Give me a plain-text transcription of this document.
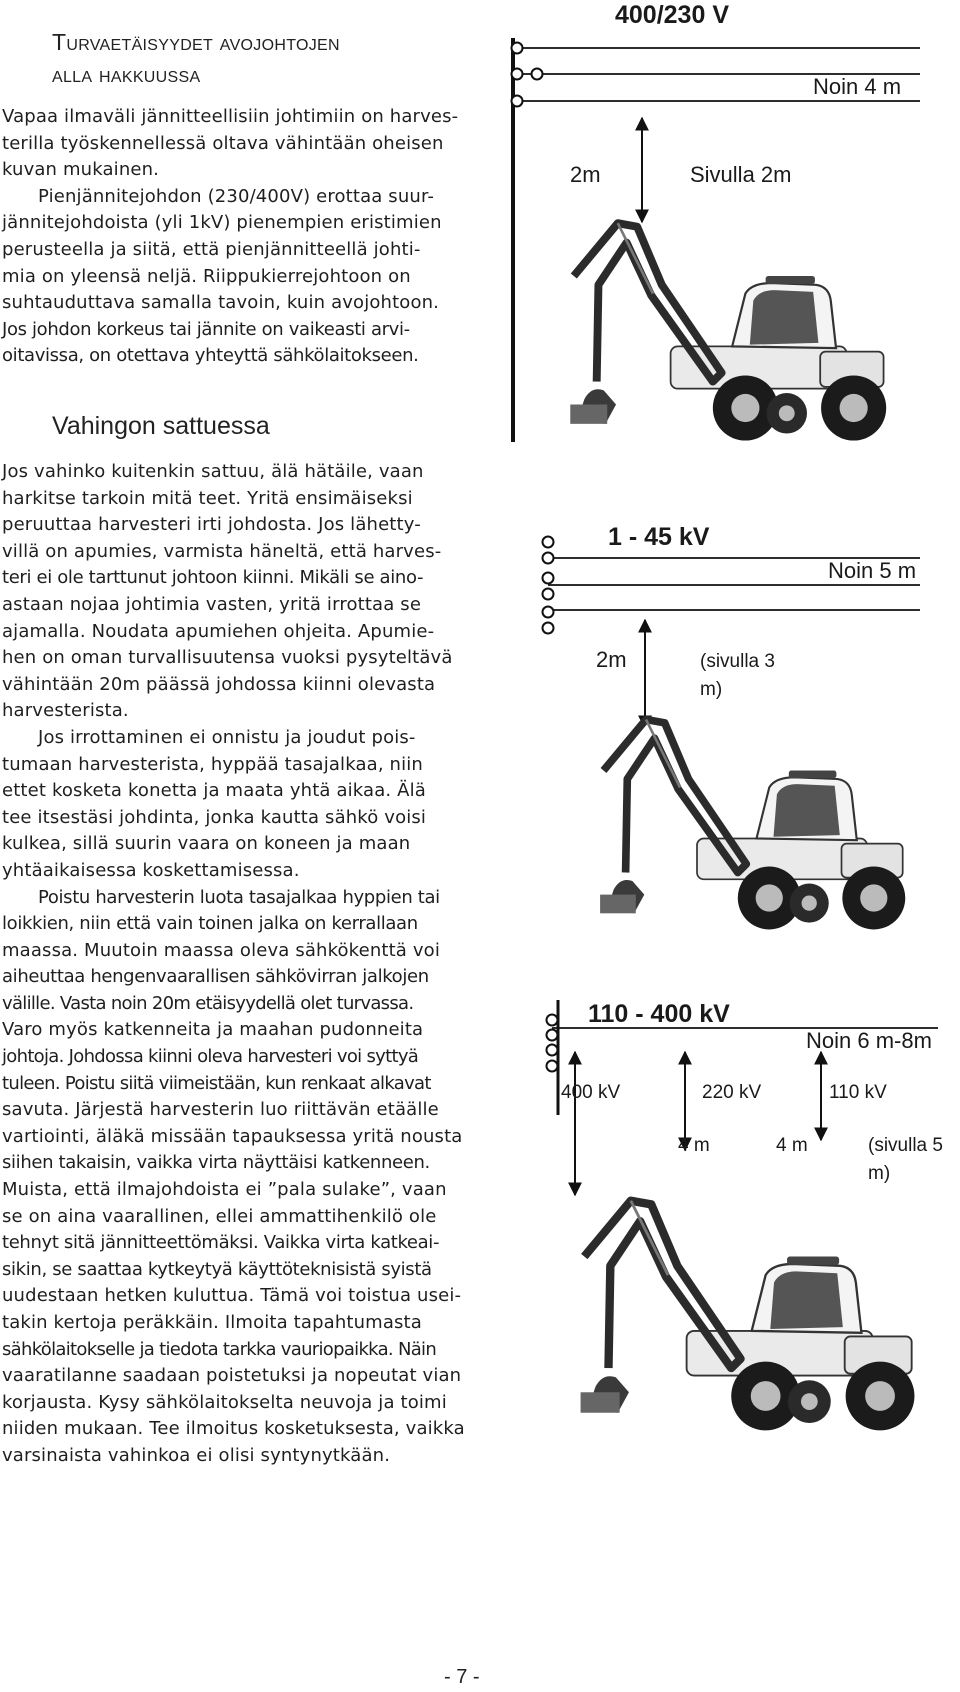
Turvaetäisyydet avojohtojen
alla hakkuussa

Vapaa ilmaväli jännitteellisiin johtimiin on harves-

terilla työskennellessä oltava vähintään oheisen

kuvan mukainen.

Pienjännitejohdon (230/400V) erottaa suur-

jännitejohdoista (yli 1kV) pienempien eristimien

perusteella ja siitä, että pienjännitteellä johti-

mia on yleensä neljä. Riippukierrejohtoon on

suhtauduttava samalla tavoin, kuin avojohtoon.

Jos johdon korkeus tai jännite on vaikeasti arvi-

oitavissa, on otettava yhteyttä sähkölaitokseen.

Vahingon sattuessa

Jos vahinko kuitenkin sattuu, älä hätäile, vaan

harkitse tarkoin mitä teet. Yritä ensimäiseksi

peruuttaa harvesteri irti johdosta. Jos lähetty-

villä on apumies, varmista häneltä, että harves-

teri ei ole tarttunut johtoon kiinni. Mikäli se aino-

astaan nojaa johtimia vasten, yritä irrottaa se

ajamalla. Noudata apumiehen ohjeita. Apumie-

hen on oman turvallisuutensa vuoksi pysyteltävä

vähintään 20m päässä johdossa kiinni olevasta

harvesterista.

Jos irrottaminen ei onnistu ja joudut pois-

tumaan harvesterista, hyppää tasajalkaa, niin

ettet kosketa konetta ja maata yhtä aikaa. Älä

tee itsestäsi johdinta, jonka kautta sähkö voisi

kulkea, sillä suurin vaara on koneen ja maan

yhtäaikaisessa koskettamisessa.

Poistu harvesterin luota tasajalkaa hyppien tai

loikkien, niin että vain toinen jalka on kerrallaan

maassa. Muutoin maassa oleva sähkökenttä voi

aiheuttaa hengenvaarallisen sähkövirran jalkojen

välille. Vasta noin 20m etäisyydellä olet turvassa.

Varo myös katkenneita ja maahan pudonneita

johtoja. Johdossa kiinni oleva harvesteri voi syttyä

tuleen. Poistu siitä viimeistään, kun renkaat alkavat

savuta. Järjestä harvesterin luo riittävän etäälle

vartiointi, äläkä missään tapauksessa yritä nousta

siihen takaisin, vaikka virta näyttäisi katkenneen.

Muista, että ilmajohdoista ei ”pala sulake”, vaan

se on aina vaarallinen, ellei ammattihenkilö ole

tehnyt sitä jännitteettömäksi. Vaikka virta katkeai-

sikin, se saattaa kytkeytyä käyttöteknisistä syistä

uudestaan hetken kuluttua. Tämä voi toistua usei-

takin kertoja peräkkäin. Ilmoita tapahtumasta

sähkölaitokselle ja tiedota tarkka vauriopaikka. Näin

vaaratilanne saadaan poistetuksi ja nopeutat vian

korjausta. Kysy sähkölaitokselta neuvoja ja toimi

niiden mukaan. Tee ilmoitus kosketuksesta, vaikka

varsinaista vahinkoa ei olisi syntynytkään.

400/230 V
Noin 4 m
2m	Sivulla 2m
1 - 45 kV
Noin 5 m
2m	(sivulla 3
m)
110 - 400 kV
Noin 6 m-8m
400 kV	220 kV	110 kV
4 m	4 m	(sivulla 5
m)
- 7 -
